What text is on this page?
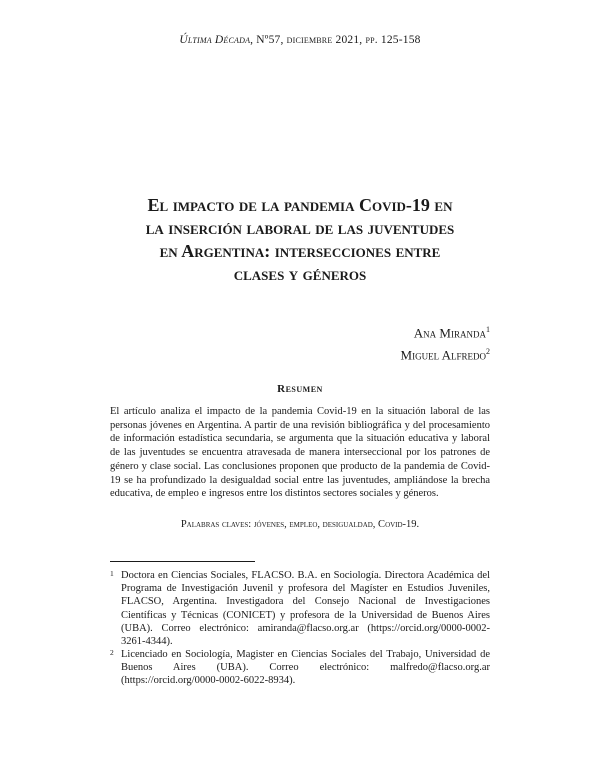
Última Década, Nº57, diciembre 2021, pp. 125-158
El impacto de la pandemia Covid-19 en
la inserción laboral de las juventudes
en Argentina: intersecciones entre
clases y géneros
Ana Miranda$^1$
Miguel Alfredo$^2$
Resumen

El artículo analiza el impacto de la pandemia Covid-19 en la situación laboral de las personas jóvenes en Argentina. A partir de una revisión bibliográfica y del procesamiento de información estadística secundaria, se argumenta que la situación educativa y laboral de las juventudes se encuentra atravesada de manera interseccional por los patrones de género y clase social. Las conclusiones proponen que producto de la pandemia de Covid-19 se ha profundizado la desigualdad social entre las juventudes, ampliándose la brecha educativa, de empleo e ingresos entre los distintos sectores sociales y géneros.

Palabras claves: jóvenes, empleo, desigualdad, Covid-19.

1 Doctora en Ciencias Sociales, FLACSO. B.A. en Sociología. Directora Académica del Programa de Investigación Juvenil y profesora del Magíster en Estudios Juveniles, FLACSO, Argentina. Investigadora del Consejo Nacional de Investigaciones Científicas y Técnicas (CONICET) y profesora de la Universidad de Buenos Aires (UBA). Correo electrónico: amiranda@flacso.org.ar (https://orcid.org/0000-0002-3261-4344).

2 Licenciado en Sociología, Magister en Ciencias Sociales del Trabajo, Universidad de Buenos Aires (UBA). Correo electrónico: malfredo@flacso.org.ar (https://orcid.org/0000-0002-6022-8934).
